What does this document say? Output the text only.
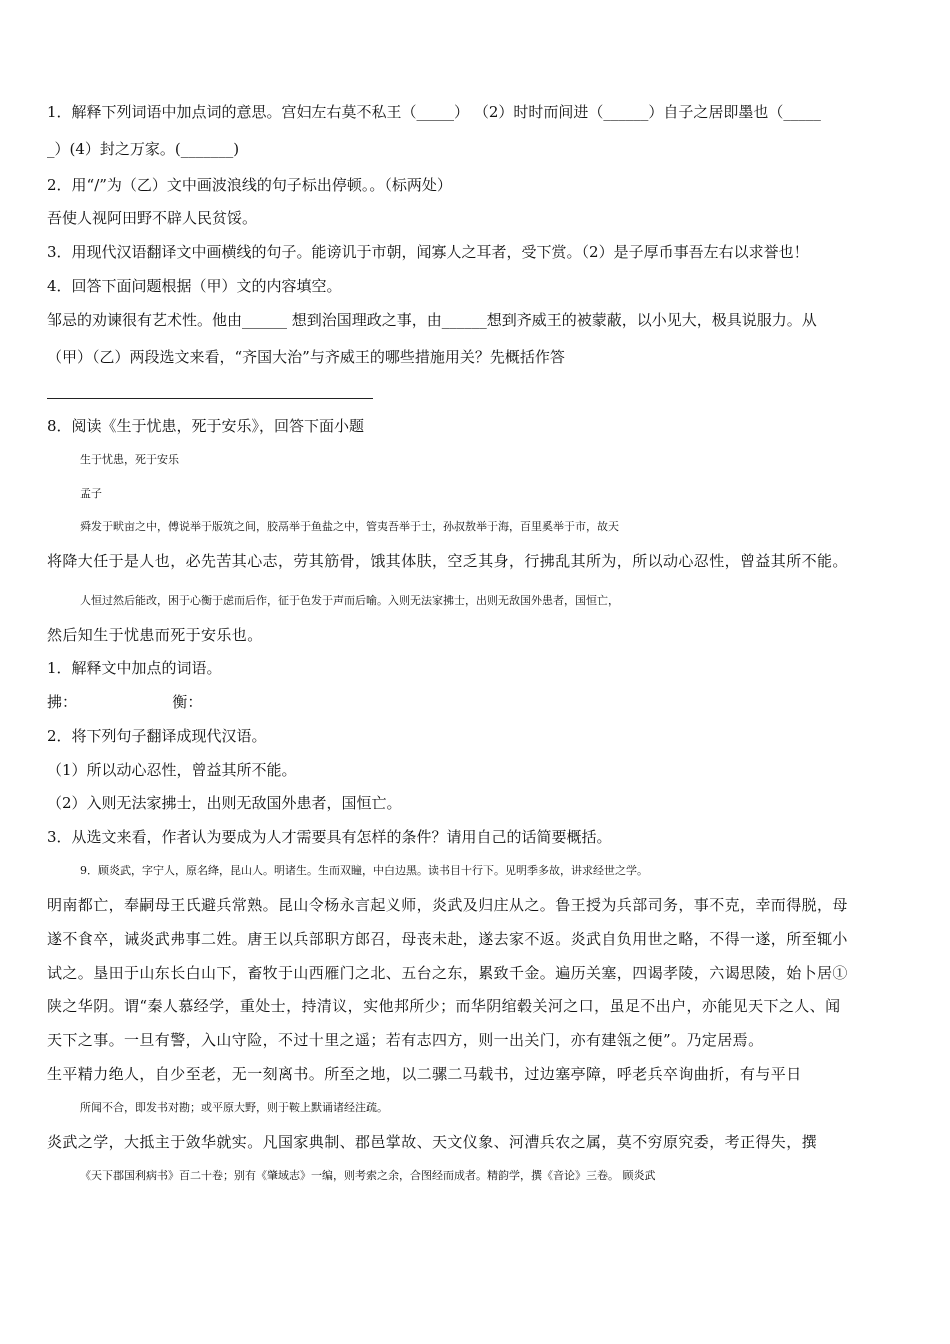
1．解释下列词语中加点词的意思。宫妇左右莫不私王（_____） （2）时时而间进（______）自子之居即墨也（_____
_）(4）封之万家。(_______)
2．用“/”为（乙）文中画波浪线的句子标出停顿。。（标两处）
吾使人视阿田野不辟人民贫馁。
3．用现代汉语翻译文中画横线的句子。能谤讥于市朝，闻寡人之耳者，受下赏。（2）是子厚币事吾左右以求誉也！
4．回答下面问题根据（甲）文的内容填空。
邹忌的劝谏很有艺术性。他由______ 想到治国理政之事，由______想到齐威王的被蒙蔽，以小见大，极具说服力。从
（甲）（乙）两段选文来看，“齐国大治”与齐威王的哪些措施用关？先概括作答
8．阅读《生于忧患，死于安乐》，回答下面小题
生于忧患，死于安乐
孟子
舜发于畎亩之中，傅说举于版筑之间，胶鬲举于鱼盐之中，管夷吾举于士，孙叔敖举于海，百里奚举于市，故天
将降大任于是人也，必先苦其心志，劳其筋骨，饿其体肤，空乏其身，行拂乱其所为，所以动心忍性，曾益其所不能。
人恒过然后能改，困于心衡于虑而后作，征于色发于声而后喻。入则无法家拂士，出则无敌国外患者，国恒亡，
然后知生于忧患而死于安乐也。
1．解释文中加点的词语。
拂：                    衡：
2．将下列句子翻译成现代汉语。
（1）所以动心忍性，曾益其所不能。
（2）入则无法家拂士，出则无敌国外患者，国恒亡。
3．从选文来看，作者认为要成为人才需要具有怎样的条件？请用自己的话简要概括。
9．顾炎武，字宁人，原名绛，昆山人。明诸生。生而双瞳，中白边黑。读书目十行下。见明季多故，讲求经世之学。
明南都亡，奉嗣母王氏避兵常熟。昆山令杨永言起义师，炎武及归庄从之。鲁王授为兵部司务，事不克，幸而得脱，母
遂不食卒，诫炎武弗事二姓。唐王以兵部职方郎召，母丧未赴，遂去家不返。炎武自负用世之略，不得一遂，所至辄小
试之。垦田于山东长白山下，畜牧于山西雁门之北、五台之东，累致千金。遍历关塞，四谒孝陵，六谒思陵，始卜居①
陕之华阴。谓“秦人慕经学，重处士，持清议，实他邦所少；而华阴绾毂关河之口，虽足不出户，亦能见天下之人、闻
天下之事。一旦有警，入山守险，不过十里之遥；若有志四方，则一出关门，亦有建瓴之便”。乃定居焉。
生平精力绝人，自少至老，无一刻离书。所至之地，以二骡二马载书，过边塞亭障，呼老兵卒询曲折，有与平日
所闻不合，即发书对勘；或平原大野，则于鞍上默诵诸经注疏。
炎武之学，大抵主于敛华就实。凡国家典制、郡邑掌故、天文仪象、河漕兵农之属，莫不穷原究委，考正得失，撰
《天下郡国利病书》百二十卷；别有《肇域志》一编，则考索之余，合图经而成者。精韵学，撰《音论》三卷。 顾炎武
